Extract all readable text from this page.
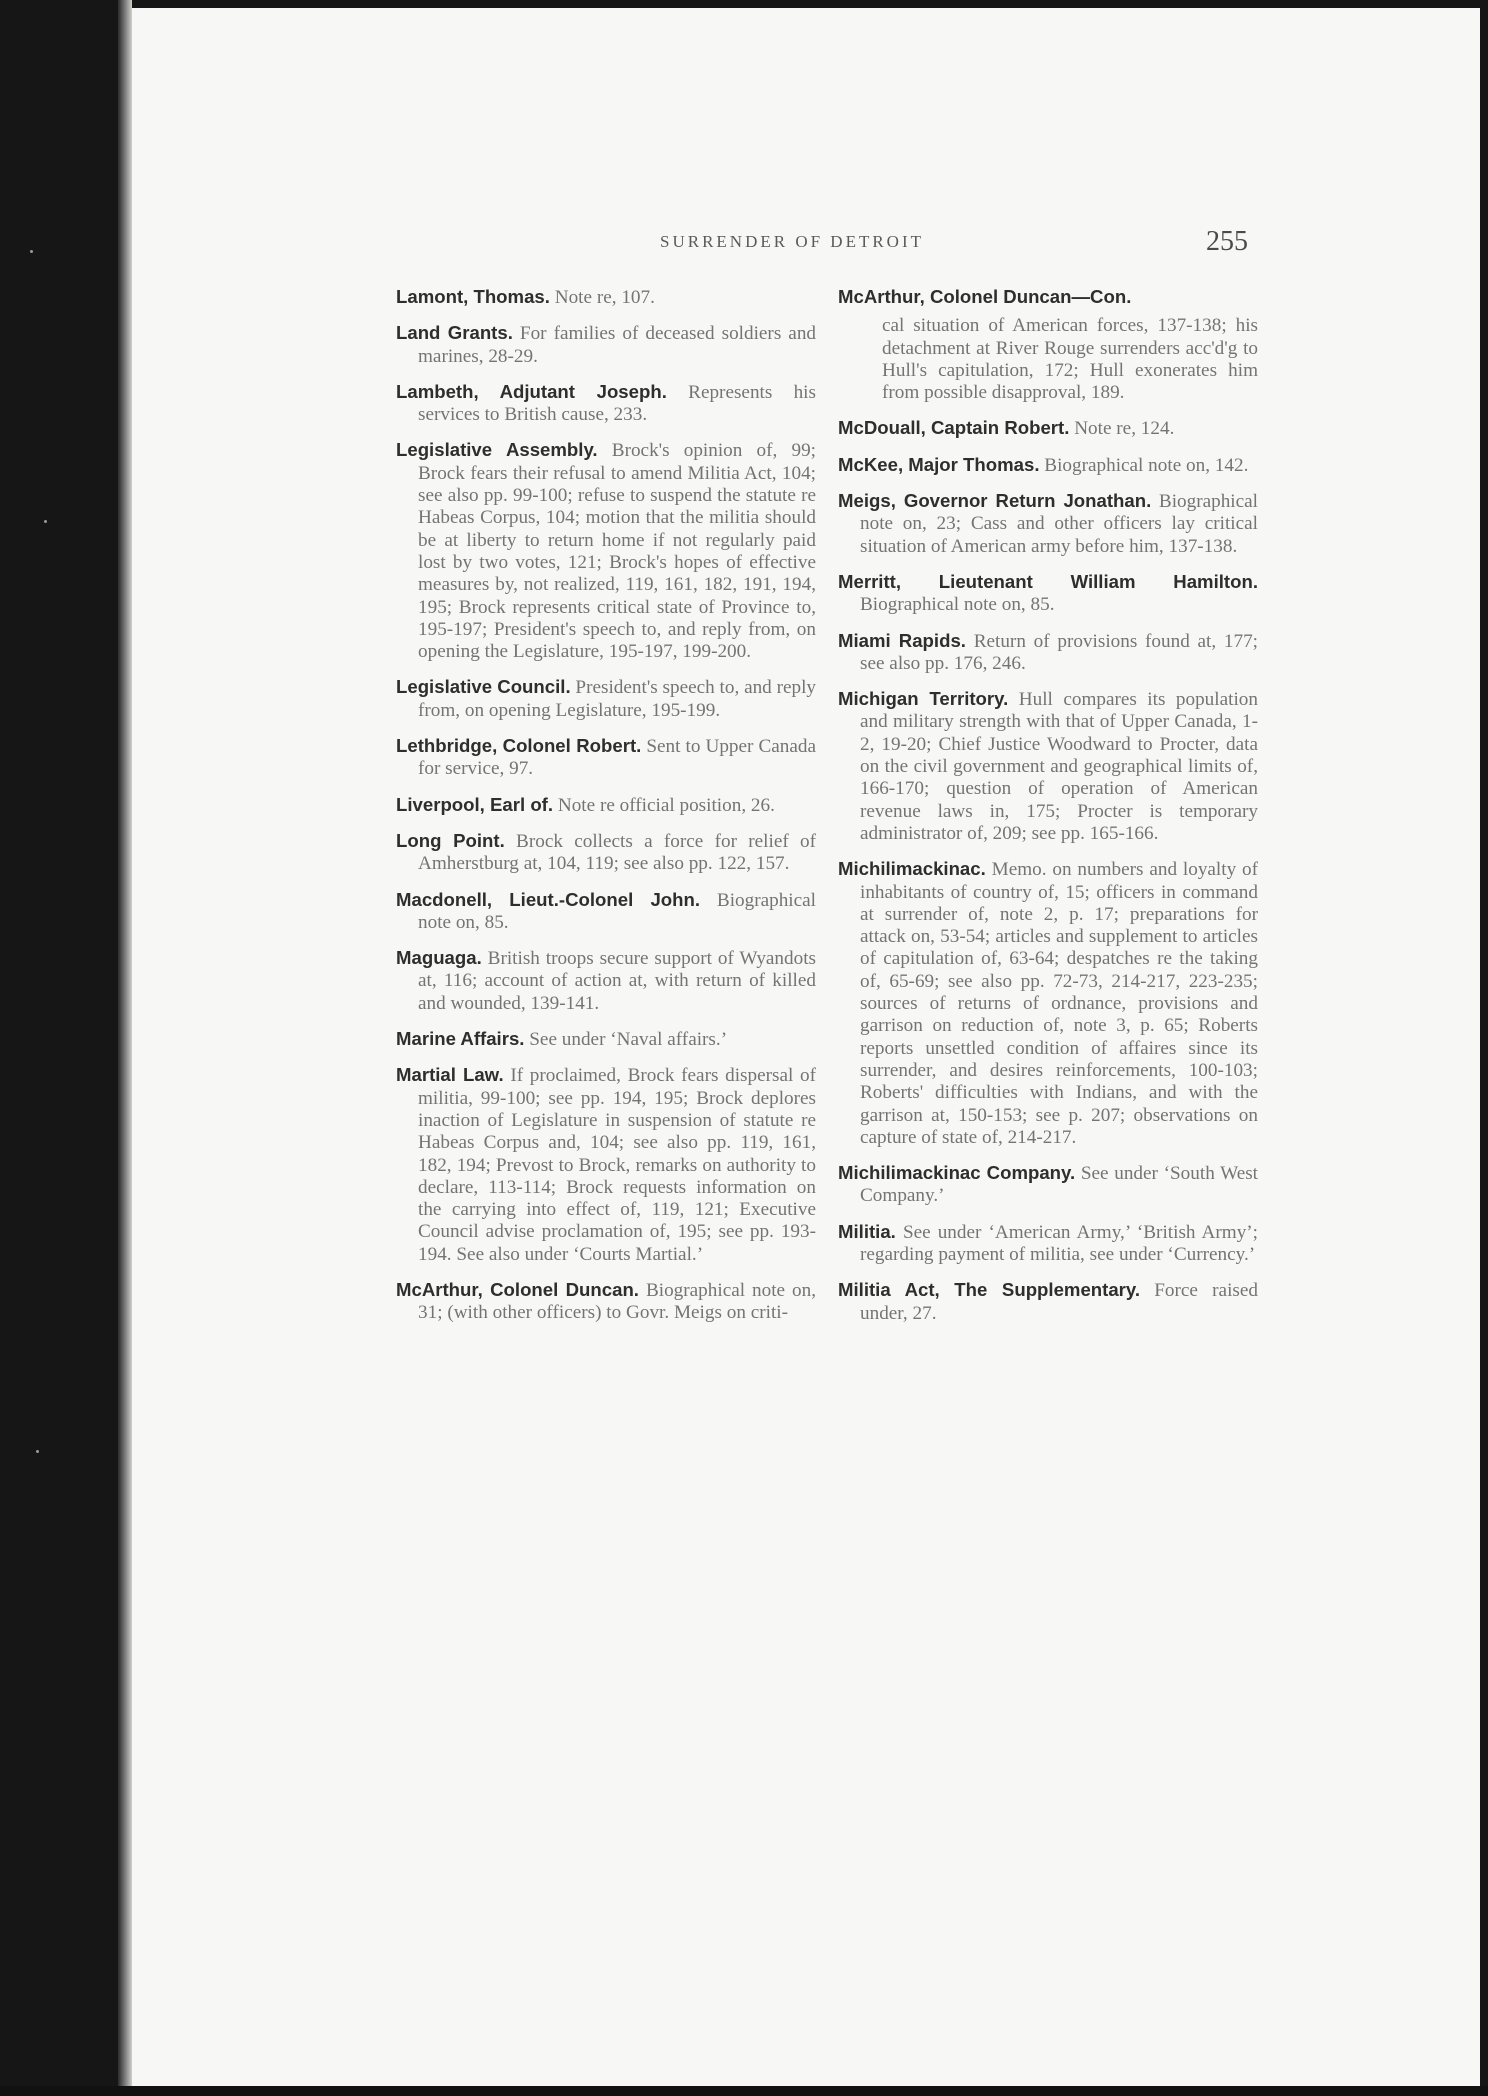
SURRENDER OF DETROIT	255

Lamont, Thomas. Note re, 107.

Land Grants. For families of deceased soldiers and marines, 28-29.

Lambeth, Adjutant Joseph. Represents his services to British cause, 233.

Legislative Assembly. Brock's opinion of, 99; Brock fears their refusal to amend Militia Act, 104; see also pp. 99-100; refuse to suspend the statute re Habeas Corpus, 104; motion that the militia should be at liberty to return home if not regularly paid lost by two votes, 121; Brock's hopes of effective measures by, not realized, 119, 161, 182, 191, 194, 195; Brock represents critical state of Province to, 195-197; President's speech to, and reply from, on opening the Legislature, 195-197, 199-200.

Legislative Council. President's speech to, and reply from, on opening Legislature, 195-199.

Lethbridge, Colonel Robert. Sent to Upper Canada for service, 97.

Liverpool, Earl of. Note re official position, 26.

Long Point. Brock collects a force for relief of Amherstburg at, 104, 119; see also pp. 122, 157.

Macdonell, Lieut.-Colonel John. Biographical note on, 85.

Maguaga. British troops secure support of Wyandots at, 116; account of action at, with return of killed and wounded, 139-141.

Marine Affairs. See under ‘Naval affairs.’

Martial Law. If proclaimed, Brock fears dispersal of militia, 99-100; see pp. 194, 195; Brock deplores inaction of Legislature in suspension of statute re Habeas Corpus and, 104; see also pp. 119, 161, 182, 194; Prevost to Brock, remarks on authority to declare, 113-114; Brock requests information on the carrying into effect of, 119, 121; Executive Council advise proclamation of, 195; see pp. 193-194. See also under ‘Courts Martial.’

McArthur, Colonel Duncan. Biographical note on, 31; (with other officers) to Govr. Meigs on criti-

McArthur, Colonel Duncan—Con.
cal situation of American forces, 137-138; his detachment at River Rouge surrenders acc'd'g to Hull's capitulation, 172; Hull exonerates him from possible disapproval, 189.

McDouall, Captain Robert. Note re, 124.

McKee, Major Thomas. Biographical note on, 142.

Meigs, Governor Return Jonathan. Biographical note on, 23; Cass and other officers lay critical situation of American army before him, 137-138.

Merritt, Lieutenant William Hamilton. Biographical note on, 85.

Miami Rapids. Return of provisions found at, 177; see also pp. 176, 246.

Michigan Territory. Hull compares its population and military strength with that of Upper Canada, 1-2, 19-20; Chief Justice Woodward to Procter, data on the civil government and geographical limits of, 166-170; question of operation of American revenue laws in, 175; Procter is temporary administrator of, 209; see pp. 165-166.

Michilimackinac. Memo. on numbers and loyalty of inhabitants of country of, 15; officers in command at surrender of, note 2, p. 17; preparations for attack on, 53-54; articles and supplement to articles of capitulation of, 63-64; despatches re the taking of, 65-69; see also pp. 72-73, 214-217, 223-235; sources of returns of ordnance, provisions and garrison on reduction of, note 3, p. 65; Roberts reports unsettled condition of affaires since its surrender, and desires reinforcements, 100-103; Roberts' difficulties with Indians, and with the garrison at, 150-153; see p. 207; observations on capture of state of, 214-217.

Michilimackinac Company. See under ‘South West Company.’

Militia. See under ‘American Army,’ ‘British Army’; regarding payment of militia, see under ‘Currency.’

Militia Act, The Supplementary. Force raised under, 27.
